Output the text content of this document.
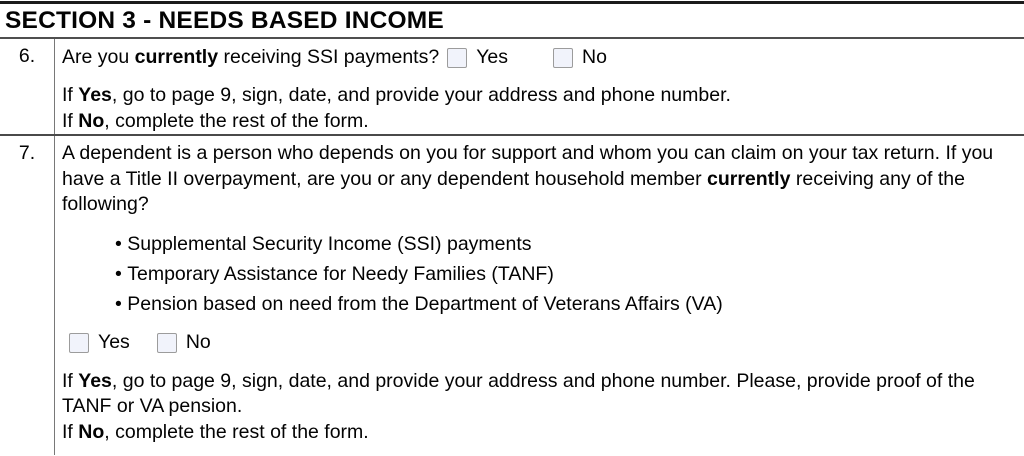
SECTION 3 - NEEDS BASED INCOME
6.	Are you currently receiving SSI payments? Yes	No
If Yes, go to page 9, sign, date, and provide your address and phone number.
If No, complete the rest of the form.
7.	A dependent is a person who depends on you for support and whom you can claim on your tax return. If you have a Title II overpayment, are you or any dependent household member currently receiving any of the following?

• Supplemental Security Income (SSI) payments
• Temporary Assistance for Needy Families (TANF)
• Pension based on need from the Department of Veterans Affairs (VA)
Yes	No
If Yes, go to page 9, sign, date, and provide your address and phone number. Please, provide proof of the TANF or VA pension.
If No, complete the rest of the form.
